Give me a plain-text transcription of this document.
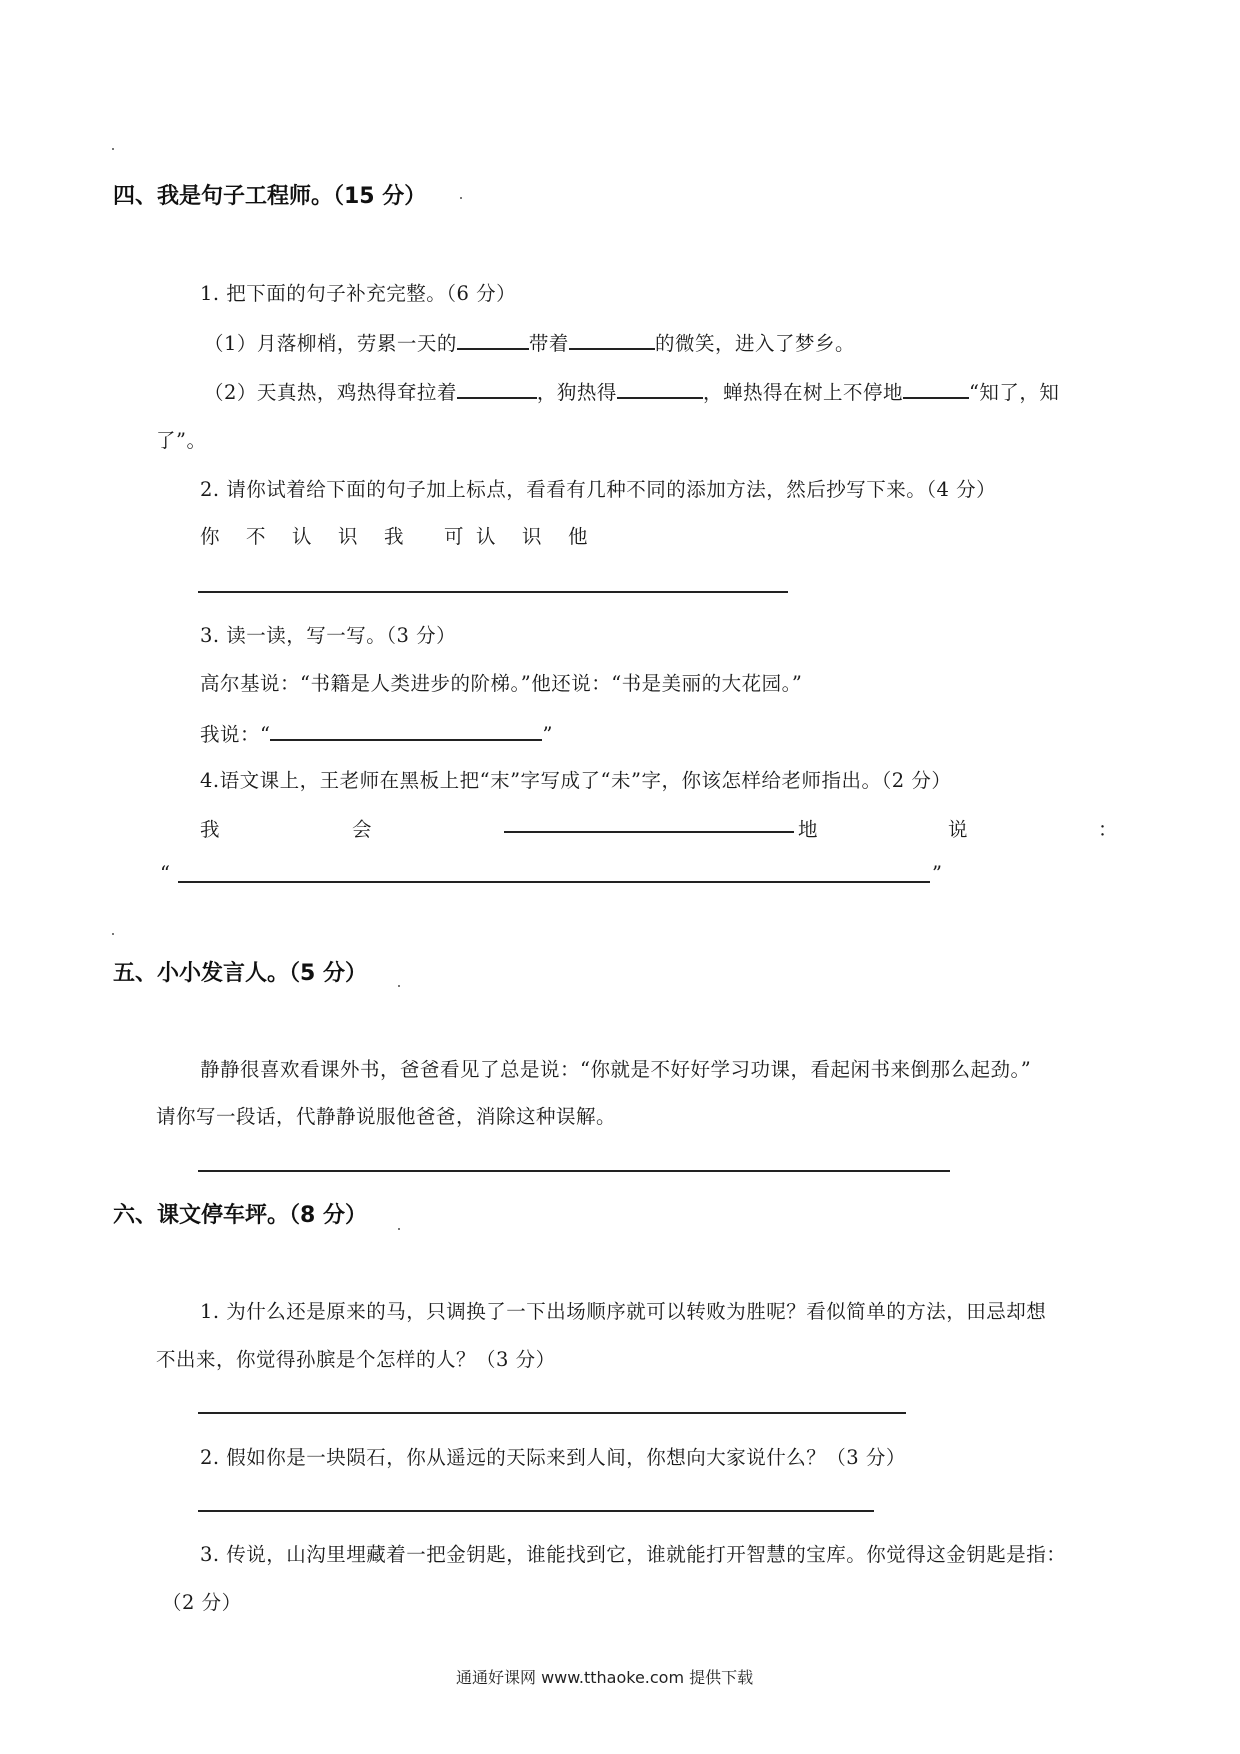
四、我是句子工程师。（15 分）
1. 把下面的句子补充完整。（6 分）
（1）月落柳梢，劳累一天的	带着	的微笑，进入了梦乡。
（2）天真热，鸡热得耷拉着	，狗热得	，蝉热得在树上不停地	“知了，知
了”。
2. 请你试着给下面的句子加上标点，看看有几种不同的添加方法，然后抄写下来。（4 分）
你 不 认 识 我 可 认 识 他
3. 读一读，写一写。（3 分）
高尔基说：“书籍是人类进步的阶梯。”他还说：“书是美丽的大花园。”
我说：“	”
4.语文课上，王老师在黑板上把“末”字写成了“未”字，你该怎样给老师指出。（2 分）
我	会	地	说	：
“	”
五、小小发言人。（5 分）
静静很喜欢看课外书，爸爸看见了总是说：“你就是不好好学习功课，看起闲书来倒那么起劲。”
请你写一段话，代静静说服他爸爸，消除这种误解。
六、课文停车坪。（8 分）
1. 为什么还是原来的马，只调换了一下出场顺序就可以转败为胜呢？看似简单的方法，田忌却想
不出来，你觉得孙膑是个怎样的人？（3 分）
2. 假如你是一块陨石，你从遥远的天际来到人间，你想向大家说什么？（3 分）
3. 传说，山沟里埋藏着一把金钥匙，谁能找到它，谁就能打开智慧的宝库。你觉得这金钥匙是指：
（2 分）
通通好课网 www.tthaoke.com 提供下载
